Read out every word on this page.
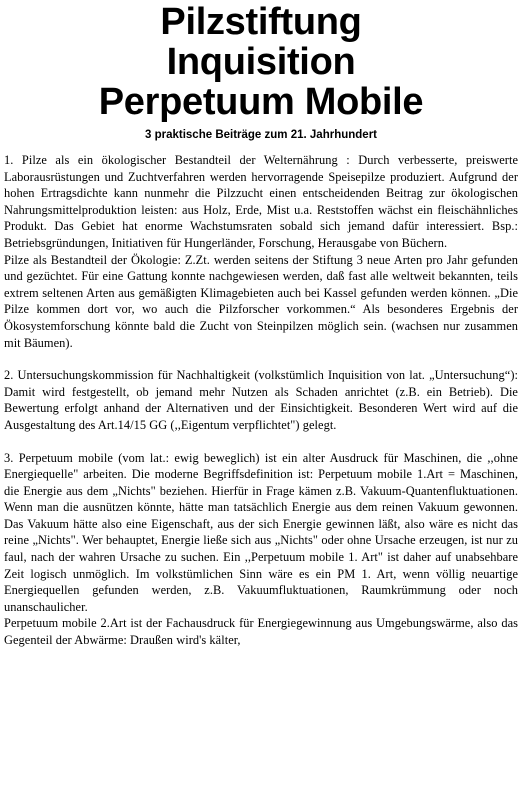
Pilzstiftung
Inquisition
Perpetuum Mobile
3 praktische Beiträge zum 21. Jahrhundert

1. Pilze als ein ökologischer Bestandteil der Welternährung : Durch verbesserte, preiswerte Laborausrüstungen und Zuchtverfahren werden hervorragende Speisepilze produziert. Aufgrund der hohen Ertragsdichte kann nunmehr die Pilzzucht einen entscheidenden Beitrag zur ökologischen Nahrungsmittelproduktion leisten: aus Holz, Erde, Mist u.a. Reststoffen wächst ein fleischähnliches Produkt. Das Gebiet hat enorme Wachstumsraten sobald sich jemand dafür interessiert. Bsp.: Betriebsgründungen, Initiativen für Hungerländer, Forschung, Herausgabe von Büchern.

Pilze als Bestandteil der Ökologie: Z.Zt. werden seitens der Stiftung 3 neue Arten pro Jahr gefunden und gezüchtet. Für eine Gattung konnte nachgewiesen werden, daß fast alle weltweit bekannten, teils extrem seltenen Arten aus gemäßigten Klimagebieten auch bei Kassel gefunden werden können. „Die Pilze kommen dort vor, wo auch die Pilzforscher vorkommen.“ Als besonderes Ergebnis der Ökosystemforschung könnte bald die Zucht von Steinpilzen möglich sein. (wachsen nur zusammen mit Bäumen).

2. Untersuchungskommission für Nachhaltigkeit (volkstümlich Inquisition von lat. „Untersuchung“): Damit wird festgestellt, ob jemand mehr Nutzen als Schaden anrichtet (z.B. ein Betrieb). Die Bewertung erfolgt anhand der Alternativen und der Einsichtigkeit. Besonderen Wert wird auf die Ausgestaltung des Art.14/15 GG (,,Eigentum verpflichtet") gelegt.

3. Perpetuum mobile (vom lat.: ewig beweglich) ist ein alter Ausdruck für Maschinen, die ,,ohne Energiequelle" arbeiten. Die moderne Begriffsdefinition ist: Perpetuum mobile 1.Art = Maschinen, die Energie aus dem „Nichts" beziehen. Hierfür in Frage kämen z.B. Vakuum-Quantenfluktuationen. Wenn man die ausnützen könnte, hätte man tatsächlich Energie aus dem reinen Vakuum gewonnen. Das Vakuum hätte also eine Eigenschaft, aus der sich Energie gewinnen läßt, also wäre es nicht das reine „Nichts". Wer behauptet, Energie ließe sich aus „Nichts" oder ohne Ursache erzeugen, ist nur zu faul, nach der wahren Ursache zu suchen. Ein ,,Perpetuum mobile 1. Art" ist daher auf unabsehbare Zeit logisch unmöglich. Im volkstümlichen Sinn wäre es ein PM 1. Art, wenn völlig neuartige Energiequellen gefunden werden, z.B. Vakuumfluktuationen, Raumkrümmung oder noch unanschaulicher.

Perpetuum mobile 2.Art ist der Fachausdruck für Energiegewinnung aus Umgebungswärme, also das Gegenteil der Abwärme: Draußen wird's kälter,
